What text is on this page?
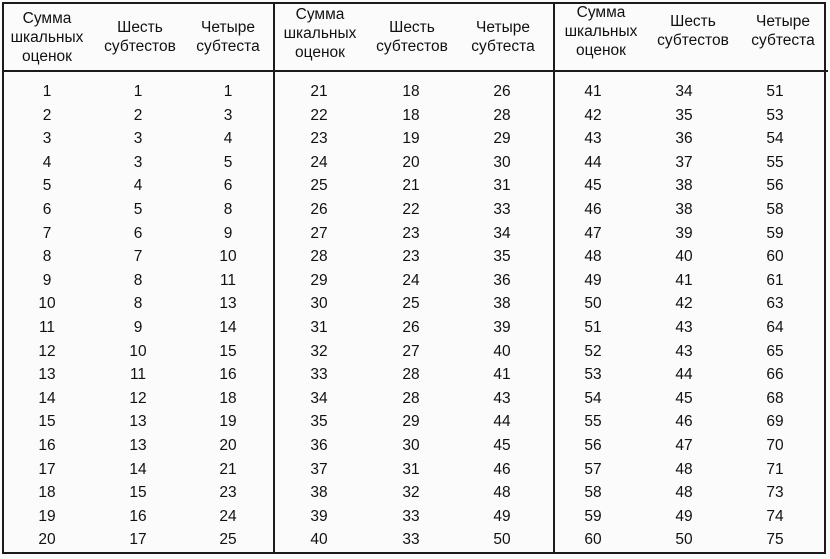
Сумма
шкальных
оценок
Шесть
субтестов
Четыре
субтеста
Сумма
шкальных
оценок
Шесть
субтестов
Четыре
субтеста
Сумма
шкальных
оценок
Шесть
субтестов
Четыре
субтеста
1
2
3
4
5
6
7
8
9
10
11
12
13
14
15
16
17
18
19
20
1
2
3
3
4
5
6
7
8
8
9
10
11
12
13
13
14
15
16
17
1
3
4
5
6
8
9
10
11
13
14
15
16
18
19
20
21
23
24
25
21
22
23
24
25
26
27
28
29
30
31
32
33
34
35
36
37
38
39
40
18
18
19
20
21
22
23
23
24
25
26
27
28
28
29
30
31
32
33
33
26
28
29
30
31
33
34
35
36
38
39
40
41
43
44
45
46
48
49
50
41
42
43
44
45
46
47
48
49
50
51
52
53
54
55
56
57
58
59
60
34
35
36
37
38
38
39
40
41
42
43
43
44
45
46
47
48
48
49
50
51
53
54
55
56
58
59
60
61
63
64
65
66
68
69
70
71
73
74
75
